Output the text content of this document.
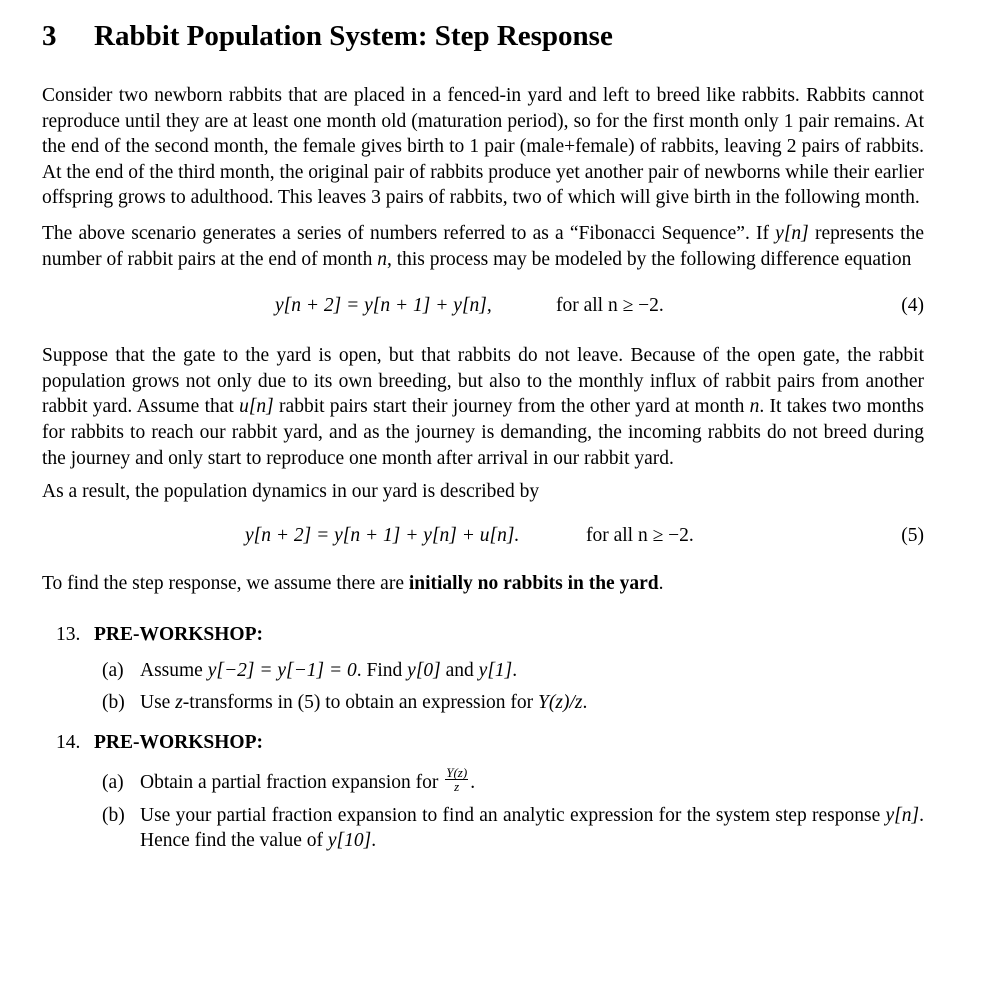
3 Rabbit Population System: Step Response

Consider two newborn rabbits that are placed in a fenced-in yard and left to breed like rabbits. Rabbits cannot reproduce until they are at least one month old (maturation period), so for the first month only 1 pair remains. At the end of the second month, the female gives birth to 1 pair (male+female) of rabbits, leaving 2 pairs of rabbits. At the end of the third month, the original pair of rabbits produce yet another pair of newborns while their earlier offspring grows to adulthood. This leaves 3 pairs of rabbits, two of which will give birth in the following month.

The above scenario generates a series of numbers referred to as a “Fibonacci Sequence”. If y[n] represents the number of rabbit pairs at the end of month n, this process may be modeled by the following difference equation

y[n + 2] = y[n + 1] + y[n],	for all n ≥ −2.	(4)

Suppose that the gate to the yard is open, but that rabbits do not leave. Because of the open gate, the rabbit population grows not only due to its own breeding, but also to the monthly influx of rabbit pairs from another rabbit yard. Assume that u[n] rabbit pairs start their journey from the other yard at month n. It takes two months for rabbits to reach our rabbit yard, and as the journey is demanding, the incoming rabbits do not breed during the journey and only start to reproduce one month after arrival in our rabbit yard.

As a result, the population dynamics in our yard is described by

y[n + 2] = y[n + 1] + y[n] + u[n].	for all n ≥ −2.	(5)

To find the step response, we assume there are initially no rabbits in the yard.

13. PRE-WORKSHOP:
(a) Assume y[−2] = y[−1] = 0. Find y[0] and y[1].
(b) Use z-transforms in (5) to obtain an expression for Y(z)/z.
14. PRE-WORKSHOP:
(a) Obtain a partial fraction expansion for $\frac{Y(z)}{z}$ .
(b) Use your partial fraction expansion to find an analytic expression for the system step response y[n]. Hence find the value of y[10].
